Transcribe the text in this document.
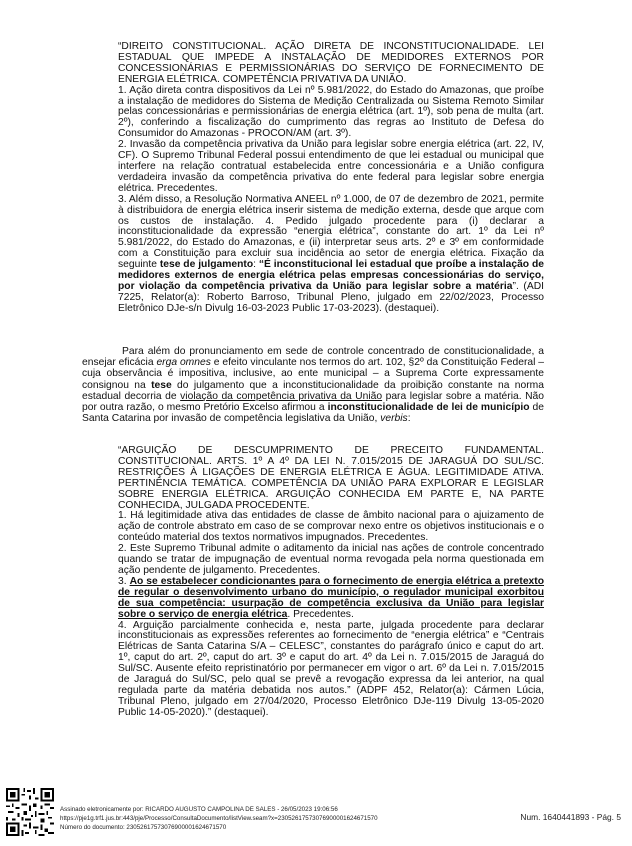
“DIREITO CONSTITUCIONAL. AÇÃO DIRETA DE INCONSTITUCIONALIDADE. LEI ESTADUAL QUE IMPEDE A INSTALAÇÃO DE MEDIDORES EXTERNOS POR CONCESSIONÁRIAS E PERMISSIONÁRIAS DO SERVIÇO DE FORNECIMENTO DE ENERGIA ELÉTRICA. COMPETÊNCIA PRIVATIVA DA UNIÃO.

1. Ação direta contra dispositivos da Lei nº 5.981/2022, do Estado do Amazonas, que proíbe a instalação de medidores do Sistema de Medição Centralizada ou Sistema Remoto Similar pelas concessionárias e permissionárias de energia elétrica (art. 1º), sob pena de multa (art. 2º), conferindo a fiscalização do cumprimento das regras ao Instituto de Defesa do Consumidor do Amazonas - PROCON/AM (art. 3º).

2. Invasão da competência privativa da União para legislar sobre energia elétrica (art. 22, IV, CF). O Supremo Tribunal Federal possui entendimento de que lei estadual ou municipal que interfere na relação contratual estabelecida entre concessionária e a União configura verdadeira invasão da competência privativa do ente federal para legislar sobre energia elétrica. Precedentes.

3. Além disso, a Resolução Normativa ANEEL nº 1.000, de 07 de dezembro de 2021, permite à distribuidora de energia elétrica inserir sistema de medição externa, desde que arque com os custos de instalação. 4. Pedido julgado procedente para (i) declarar a inconstitucionalidade da expressão “energia elétrica”, constante do art. 1º da Lei nº 5.981/2022, do Estado do Amazonas, e (ii) interpretar seus arts. 2º e 3º em conformidade com a Constituição para excluir sua incidência ao setor de energia elétrica. Fixação da seguinte tese de julgamento: “É inconstitucional lei estadual que proíbe a instalação de medidores externos de energia elétrica pelas empresas concessionárias do serviço, por violação da competência privativa da União para legislar sobre a matéria”. (ADI 7225, Relator(a): Roberto Barroso, Tribunal Pleno, julgado em 22/02/2023, Processo Eletrônico DJe-s/n Divulg 16-03-2023 Public 17-03-2023). (destaquei).

Para além do pronunciamento em sede de controle concentrado de constitucionalidade, a ensejar eficácia erga omnes e efeito vinculante nos termos do art. 102, §2º da Constituição Federal – cuja observância é impositiva, inclusive, ao ente municipal – a Suprema Corte expressamente consignou na tese do julgamento que a inconstitucionalidade da proibição constante na norma estadual decorria de violação da competência privativa da União para legislar sobre a matéria. Não por outra razão, o mesmo Pretório Excelso afirmou a inconstitucionalidade de lei de município de Santa Catarina por invasão de competência legislativa da União, verbis:

“ARGUIÇÃO DE DESCUMPRIMENTO DE PRECEITO FUNDAMENTAL. CONSTITUCIONAL. ARTS. 1º A 4º DA LEI N. 7.015/2015 DE JARAGUÁ DO SUL/SC. RESTRIÇÕES À LIGAÇÕES DE ENERGIA ELÉTRICA E ÁGUA. LEGITIMIDADE ATIVA. PERTINÊNCIA TEMÁTICA. COMPETÊNCIA DA UNIÃO PARA EXPLORAR E LEGISLAR SOBRE ENERGIA ELÉTRICA. ARGUIÇÃO CONHECIDA EM PARTE E, NA PARTE CONHECIDA, JULGADA PROCEDENTE.

1. Há legitimidade ativa das entidades de classe de âmbito nacional para o ajuizamento de ação de controle abstrato em caso de se comprovar nexo entre os objetivos institucionais e o conteúdo material dos textos normativos impugnados. Precedentes.

2. Este Supremo Tribunal admite o aditamento da inicial nas ações de controle concentrado quando se tratar de impugnação de eventual norma revogada pela norma questionada em ação pendente de julgamento. Precedentes.

3. Ao se estabelecer condicionantes para o fornecimento de energia elétrica a pretexto de regular o desenvolvimento urbano do município, o regulador municipal exorbitou de sua competência: usurpação de competência exclusiva da União para legislar sobre o serviço de energia elétrica. Precedentes.

4. Arguição parcialmente conhecida e, nesta parte, julgada procedente para declarar inconstitucionais as expressões referentes ao fornecimento de “energia elétrica” e “Centrais Elétricas de Santa Catarina S/A – CELESC”, constantes do parágrafo único e caput do art. 1º, caput do art. 2º, caput do art. 3º e caput do art. 4º da Lei n. 7.015/2015 de Jaraguá do Sul/SC. Ausente efeito repristinatório por permanecer em vigor o art. 6º da Lei n. 7.015/2015 de Jaraguá do Sul/SC, pelo qual se prevê a revogação expressa da lei anterior, na qual regulada parte da matéria debatida nos autos.” (ADPF 452, Relator(a): Cármen Lúcia, Tribunal Pleno, julgado em 27/04/2020, Processo Eletrônico DJe-119 Divulg 13-05-2020 Public 14-05-2020).” (destaquei).

Assinado eletronicamente por: RICARDO AUGUSTO CAMPOLINA DE SALES - 26/05/2023 19:06:56
https://pje1g.trf1.jus.br:443/pje/Processo/ConsultaDocumento/listView.seam?x=23052617573076900001624671570
Número do documento: 23052617573076900001624671570
Num. 1640441893 - Pág. 5
